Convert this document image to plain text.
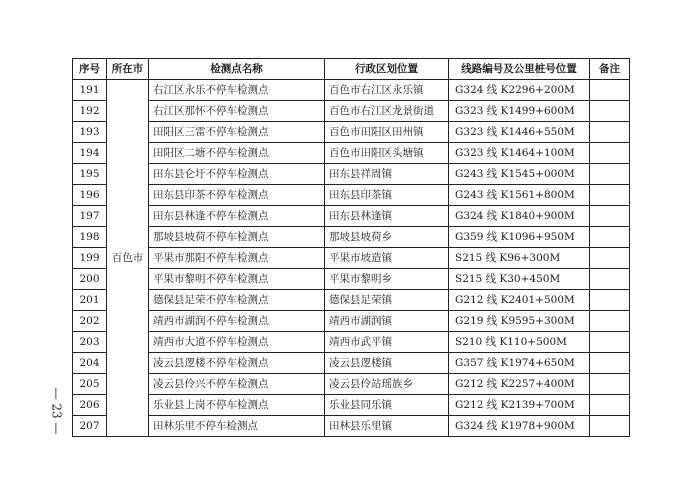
序号	所在市	检测点名称	行政区划位置	线路编号及公里桩号位置	备注
191	百色市	右江区永乐不停车检测点	百色市右江区永乐镇	G324 线 K2296+200M	
192		右江区那怀不停车检测点	百色市右江区龙景街道	G323 线 K1499+600M	
193		田阳区三雷不停车检测点	百色市田阳区田州镇	G323 线 K1446+550M	
194		田阳区二塘不停车检测点	百色市田阳区头塘镇	G323 线 K1464+100M	
195		田东县仑圩不停车检测点	田东县祥周镇	G243 线 K1545+000M	
196		田东县印茶不停车检测点	田东县印茶镇	G243 线 K1561+800M	
197		田东县林逢不停车检测点	田东县林逢镇	G324 线 K1840+900M	
198		那坡县坡荷不停车检测点	那坡县坡荷乡	G359 线 K1096+950M	
199		平果市那阳不停车检测点	平果市坡造镇	S215 线 K96+300M	
200		平果市黎明不停车检测点	平果市黎明乡	S215 线 K30+450M	
201		德保县足荣不停车检测点	德保县足荣镇	G212 线 K2401+500M	
202		靖西市湖润不停车检测点	靖西市湖润镇	G219 线 K9595+300M	
203		靖西市大道不停车检测点	靖西市武平镇	S210 线 K110+500M	
204		凌云县逻楼不停车检测点	凌云县逻楼镇	G357 线 K1974+650M	
205		凌云县伶兴不停车检测点	凌云县伶站瑶族乡	G212 线 K2257+400M	
206		乐业县上岗不停车检测点	乐业县同乐镇	G212 线 K2139+700M	
207		田林乐里不停车检测点	田林县乐里镇	G324 线 K1978+900M	
— 23 —
